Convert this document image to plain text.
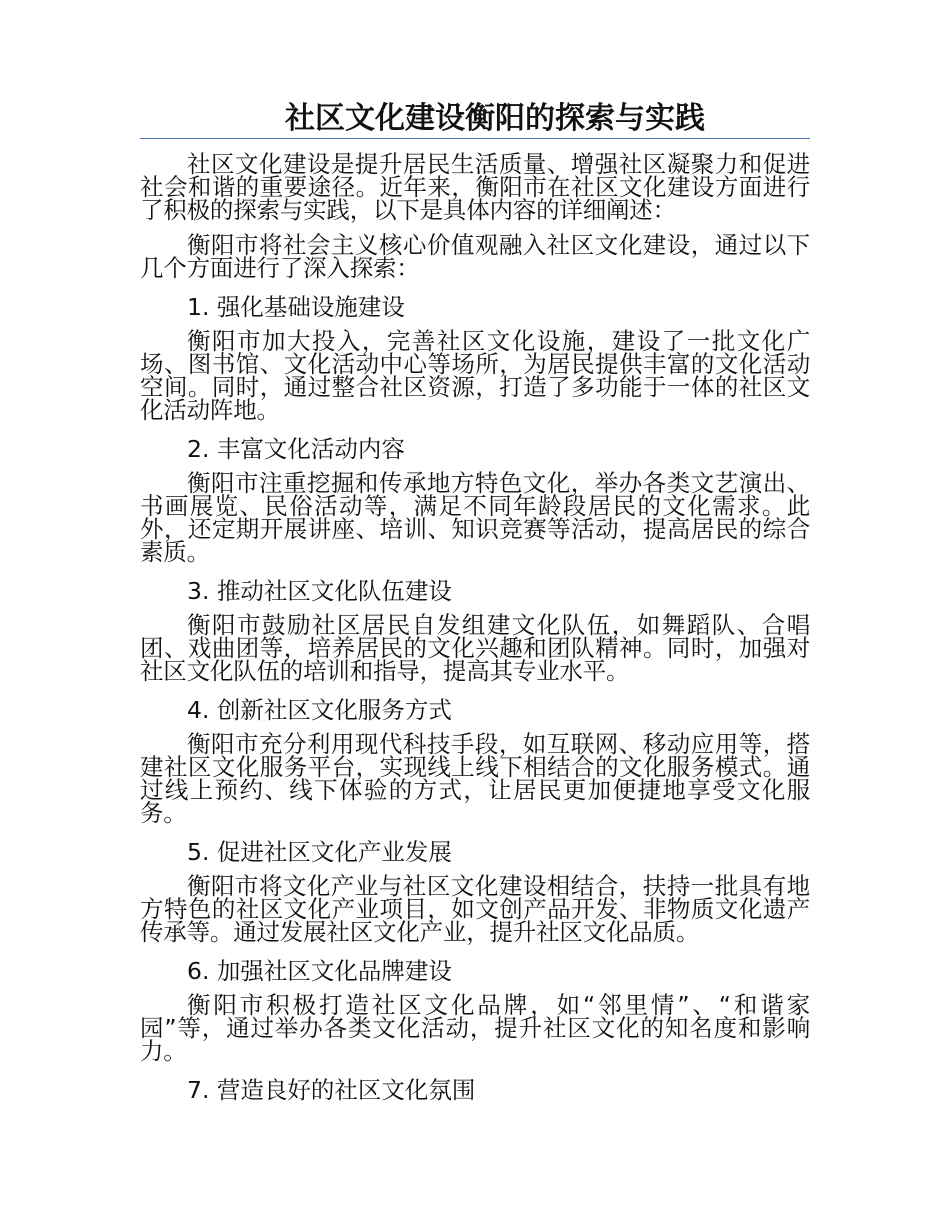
社区文化建设衡阳的探索与实践

社区文化建设是提升居民生活质量、增强社区凝聚力和促进社会和谐的重要途径。近年来，衡阳市在社区文化建设方面进行了积极的探索与实践，以下是具体内容的详细阐述：

衡阳市将社会主义核心价值观融入社区文化建设，通过以下几个方面进行了深入探索：

1. 强化基础设施建设

衡阳市加大投入，完善社区文化设施，建设了一批文化广场、图书馆、文化活动中心等场所，为居民提供丰富的文化活动空间。同时，通过整合社区资源，打造了多功能于一体的社区文化活动阵地。

2. 丰富文化活动内容

衡阳市注重挖掘和传承地方特色文化，举办各类文艺演出、书画展览、民俗活动等，满足不同年龄段居民的文化需求。此外，还定期开展讲座、培训、知识竞赛等活动，提高居民的综合素质。

3. 推动社区文化队伍建设

衡阳市鼓励社区居民自发组建文化队伍，如舞蹈队、合唱团、戏曲团等，培养居民的文化兴趣和团队精神。同时，加强对社区文化队伍的培训和指导，提高其专业水平。

4. 创新社区文化服务方式

衡阳市充分利用现代科技手段，如互联网、移动应用等，搭建社区文化服务平台，实现线上线下相结合的文化服务模式。通过线上预约、线下体验的方式，让居民更加便捷地享受文化服务。

5. 促进社区文化产业发展

衡阳市将文化产业与社区文化建设相结合，扶持一批具有地方特色的社区文化产业项目，如文创产品开发、非物质文化遗产传承等。通过发展社区文化产业，提升社区文化品质。

6. 加强社区文化品牌建设

衡阳市积极打造社区文化品牌，如“邻里情”、“和谐家园”等，通过举办各类文化活动，提升社区文化的知名度和影响力。

7. 营造良好的社区文化氛围
